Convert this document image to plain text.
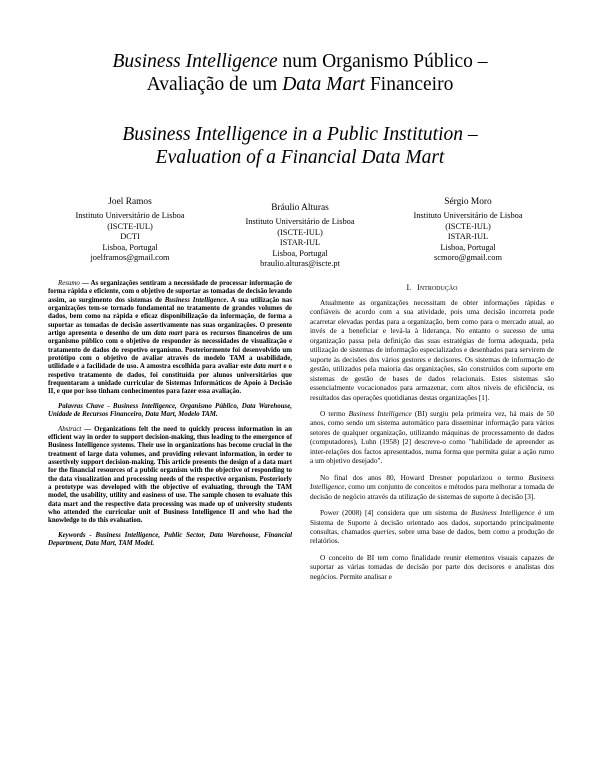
Business Intelligence num Organismo Público –
Avaliação de um Data Mart Financeiro
Business Intelligence in a Public Institution –
Evaluation of a Financial Data Mart
Joel Ramos
Instituto Universitário de Lisboa
(ISCTE-IUL)
DCTI
Lisboa, Portugal
joelframos@gmail.com
Bráulio Alturas
Instituto Universitário de Lisboa
(ISCTE-IUL)
ISTAR-IUL
Lisboa, Portugal
braulio.alturas@iscte.pt
Sérgio Moro
Instituto Universitário de Lisboa
(ISCTE-IUL)
ISTAR-IUL
Lisboa, Portugal
scmoro@gmail.com

Resumo — As organizações sentiram a necessidade de processar informação de forma rápida e eficiente, com o objetivo de suportar as tomadas de decisão levando assim, ao surgimento dos sistemas de Business Intelligence. A sua utilização nas organizações tem-se tornado fundamental no tratamento de grandes volumes de dados, bem como na rápida e eficaz disponibilização da informação, de forma a suportar as tomadas de decisão assertivamente nas suas organizações. O presente artigo apresenta o desenho de um data mart para os recursos financeiros de um organismo público com o objetivo de responder às necessidades de visualização e tratamento de dados do respetivo organismo. Posteriormente foi desenvolvido um protótipo com o objetivo de avaliar através do modelo TAM a usabilidade, utilidade e a facilidade de uso. A amostra escolhida para avaliar este data mart e o respetivo tratamento de dados, foi constituída por alunos universitários que frequentaram a unidade curricular de Sistemas Informáticos de Apoio à Decisão II, e que por isso tinham conhecimentos para fazer essa avaliação.

Palavras Chave - Business Intelligence, Organismo Público, Data Warehouse, Unidade de Recursos Financeiro, Data Mart, Modelo TAM.

Abstract — Organizations felt the need to quickly process information in an efficient way in order to support decision-making, thus leading to the emergence of Business Intelligence systems. Their use in organizations has become crucial in the treatment of large data volumes, and providing relevant information, in order to assertively support decision-making. This article presents the design of a data mart for the financial resources of a public organism with the objective of responding to the data visualization and processing needs of the respective organism. Posteriorly a prototype was developed with the objective of evaluating, through the TAM model, the usability, utility and easiness of use. The sample chosen to evaluate this data mart and the respective data processing was made up of university students who attended the curricular unit of Business Intelligence II and who had the knowledge to do this evaluation.

Keywords - Business Intelligence, Public Sector, Data Warehouse, Financial Department, Data Mart, TAM Model.

I. Introdução

Atualmente as organizações necessitam de obter informações rápidas e confiáveis de acordo com a sua atividade, pois uma decisão incorreta pode acarretar elevadas perdas para a organização, bem como para o mercado atual, ao invés de a beneficiar e levá-la à liderança. No entanto o sucesso de uma organização passa pela definição das suas estratégias de forma adequada, pela utilização de sistemas de informação especializados e desenhados para servirem de suporte às decisões dos vários gestores e decisores. Os sistemas de informação de gestão, utilizados pela maioria das organizações, são construídos com suporte em sistemas de gestão de bases de dados relacionais. Estes sistemas são essencialmente vocacionados para armazenar, com altos níveis de eficiência, os resultados das operações quotidianas destas organizações [1].

O termo Business Intelligence (BI) surgiu pela primeira vez, há mais de 50 anos, como sendo um sistema automático para disseminar informação para vários setores de qualquer organização, utilizando máquinas de processamento de dados (computadores), Luhn (1958) [2] descreve-o como "habilidade de apreender as inter-relações dos factos apresentados, numa forma que permita guiar a ação rumo a um objetivo desejado".

No final dos anos 80, Howard Dresner popularizou o termo Business Intelligence, como um conjunto de conceitos e métodos para melhorar a tomada de decisão de negócio através da utilização de sistemas de suporte à decisão [3].

Power (2008) [4] considera que um sistema de Business Intelligence é um Sistema de Suporte à decisão orientado aos dados, suportando principalmente consultas, chamados queries, sobre uma base de dados, bem como a produção de relatórios.

O conceito de BI tem como finalidade reunir elementos visuais capazes de suportar as várias tomadas de decisão por parte dos decisores e analistas dos negócios. Permite analisar e
